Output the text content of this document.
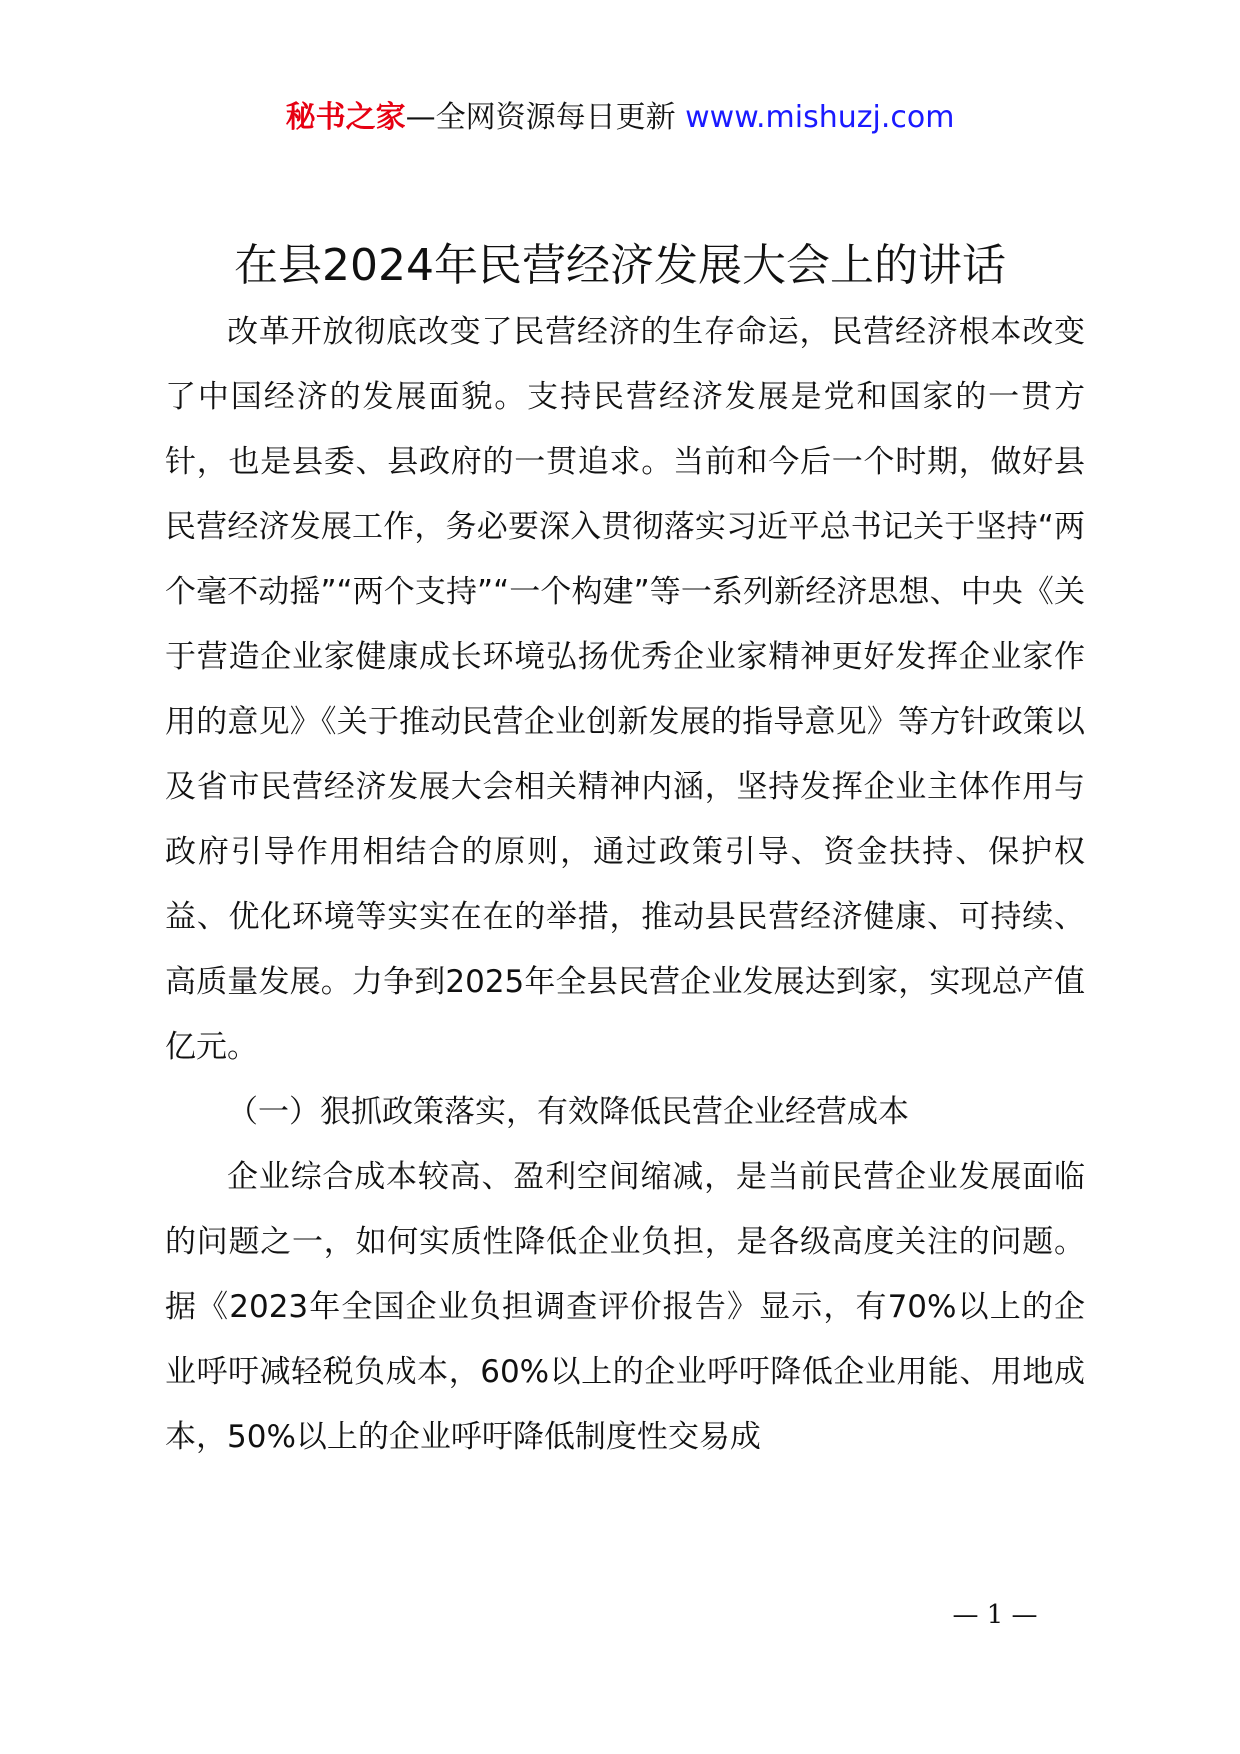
秘书之家—全网资源每日更新 www.mishuzj.com
在县2024年民营经济发展大会上的讲话

改革开放彻底改变了民营经济的生存命运，民营经济根本改变了中国经济的发展面貌。支持民营经济发展是党和国家的一贯方针，也是县委、县政府的一贯追求。当前和今后一个时期，做好县民营经济发展工作，务必要深入贯彻落实习近平总书记关于坚持“两个毫不动摇”“两个支持”“一个构建”等一系列新经济思想、中央《关于营造企业家健康成长环境弘扬优秀企业家精神更好发挥企业家作用的意见》《关于推动民营企业创新发展的指导意见》等方针政策以及省市民营经济发展大会相关精神内涵，坚持发挥企业主体作用与政府引导作用相结合的原则，通过政策引导、资金扶持、保护权益、优化环境等实实在在的举措，推动县民营经济健康、可持续、高质量发展。力争到2025年全县民营企业发展达到家，实现总产值亿元。

（一）狠抓政策落实，有效降低民营企业经营成本

企业综合成本较高、盈利空间缩减，是当前民营企业发展面临的问题之一，如何实质性降低企业负担，是各级高度关注的问题。据《2023年全国企业负担调查评价报告》显示，有70%以上的企业呼吁减轻税负成本，60%以上的企业呼吁降低企业用能、用地成本，50%以上的企业呼吁降低制度性交易成

— 1 —
